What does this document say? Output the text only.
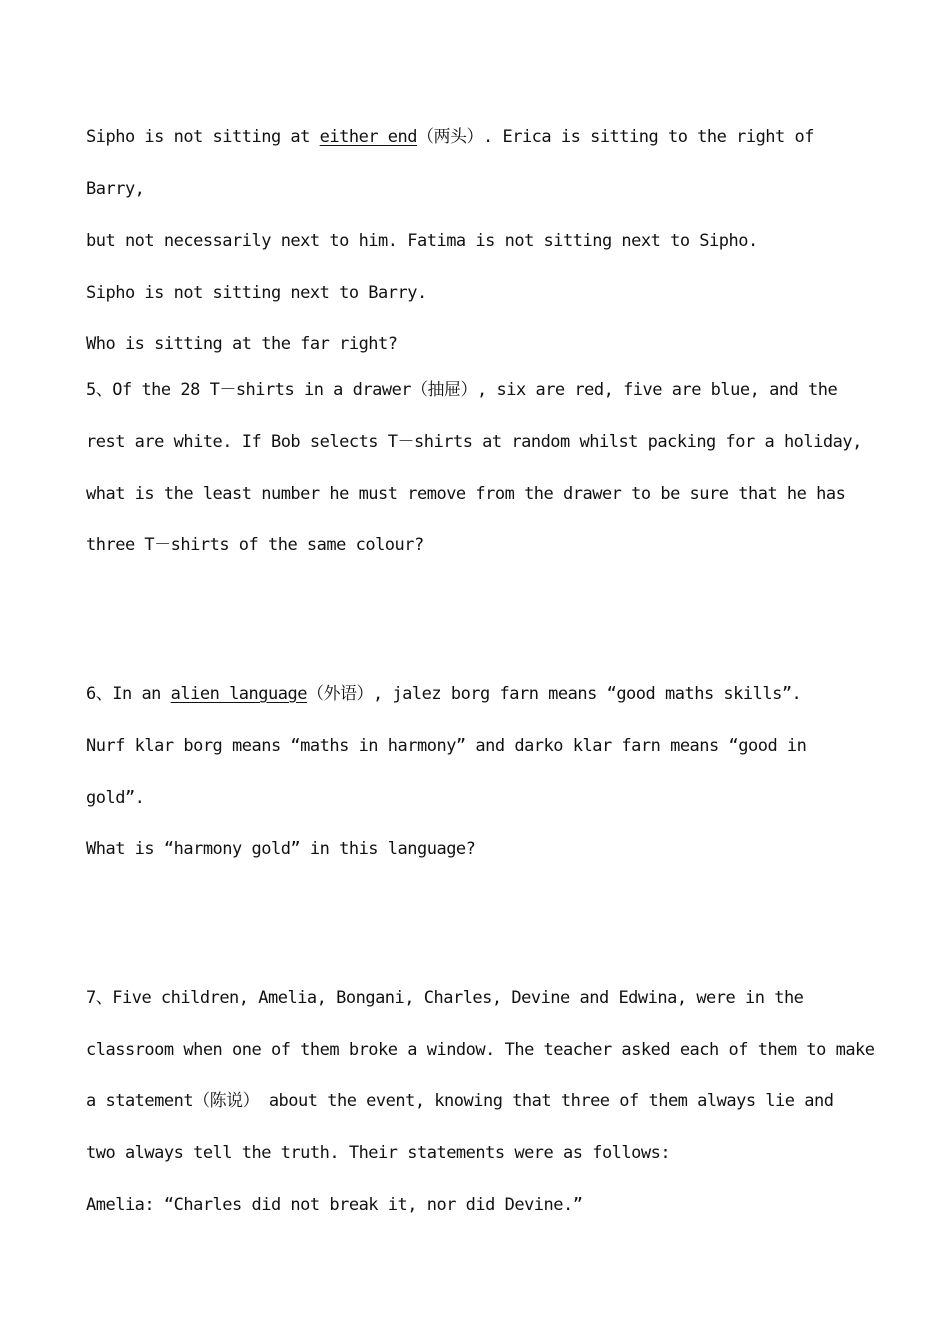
Sipho is not sitting at either end（两头）. Erica is sitting to the right of
Barry,
but not necessarily next to him. Fatima is not sitting next to Sipho.
Sipho is not sitting next to Barry.
Who is sitting at the far right?
5、Of the 28 T－shirts in a drawer（抽屉）, six are red, five are blue, and the
rest are white. If Bob selects T－shirts at random whilst packing for a holiday,
what is the least number he must remove from the drawer to be sure that he has
three T－shirts of the same colour?
6、In an alien language（外语）, jalez borg farn means “good maths skills”.
Nurf klar borg means “maths in harmony” and darko klar farn means “good in
gold”.
What is “harmony gold” in this language?
7、Five children, Amelia, Bongani, Charles, Devine and Edwina, were in the
classroom when one of them broke a window. The teacher asked each of them to make
a statement（陈说） about the event, knowing that three of them always lie and
two always tell the truth. Their statements were as follows:
Amelia: “Charles did not break it, nor did Devine.”
